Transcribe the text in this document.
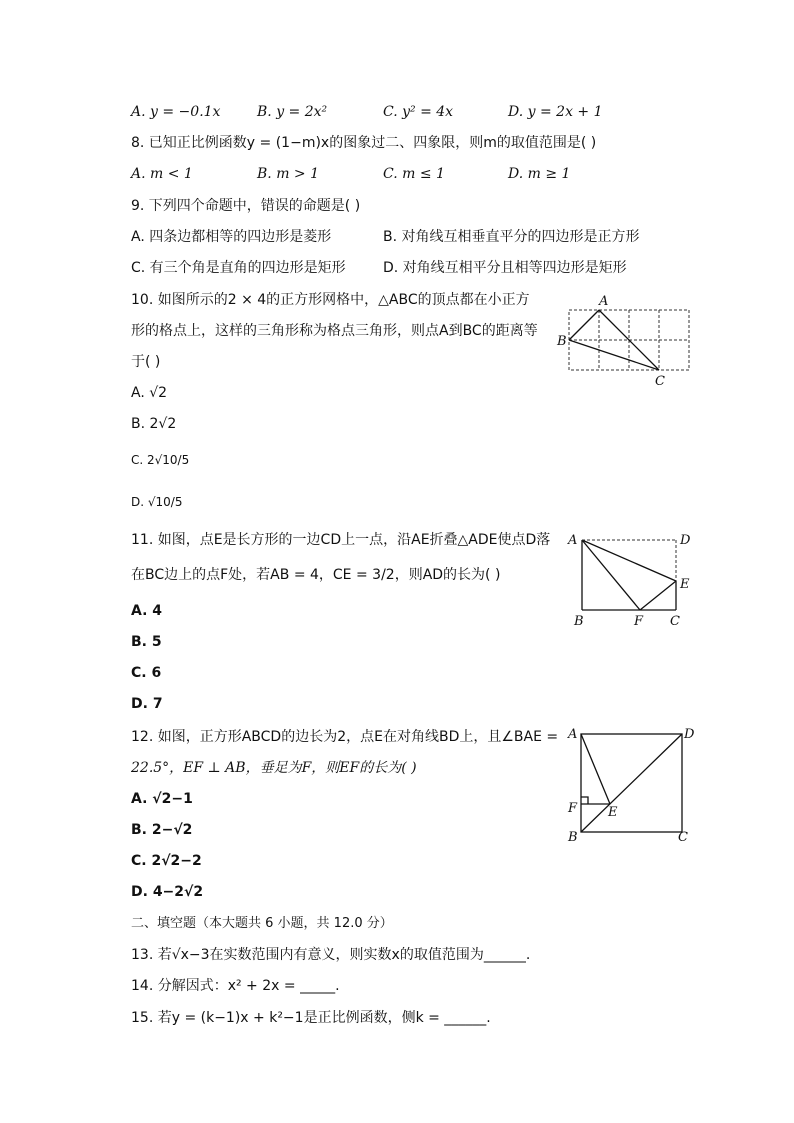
A. y = −0.1x	B. y = 2x²	C. y² = 4x	D. y = 2x + 1
8. 已知正比例函数y = (1−m)x的图象过二、四象限，则m的取值范围是( )
A. m < 1	B. m > 1	C. m ≤ 1	D. m ≥ 1
9. 下列四个命题中，错误的命题是( )
A. 四条边都相等的四边形是菱形	B. 对角线互相垂直平分的四边形是正方形
C. 有三个角是直角的四边形是矩形	D. 对角线互相平分且相等四边形是矩形
10. 如图所示的2 × 4的正方形网格中，△ABC的顶点都在小正方
形的格点上，这样的三角形称为格点三角形，则点A到BC的距离等
于( )
A. √2
B. 2√2
C. 2√10/5
D. √10/5
A
B
C
11. 如图，点E是长方形的一边CD上一点，沿AE折叠△ADE使点D落
在BC边上的点F处，若AB = 4，CE = 3/2，则AD的长为( )
A. 4
B. 5
C. 6
D. 7
A	D
E
B	F C
12. 如图，正方形ABCD的边长为2，点E在对角线BD上，且∠BAE =
22.5°，EF ⊥ AB，垂足为F，则EF的长为( )
A. √2−1
B. 2−√2
C. 2√2−2
D. 4−2√2
A	D
F E
B	C
二、填空题（本大题共 6 小题，共 12.0 分）
13. 若√x−3在实数范围内有意义，则实数x的取值范围为______.
14. 分解因式：x² + 2x = _____.
15. 若y = (k−1)x + k²−1是正比例函数，侧k = ______.
